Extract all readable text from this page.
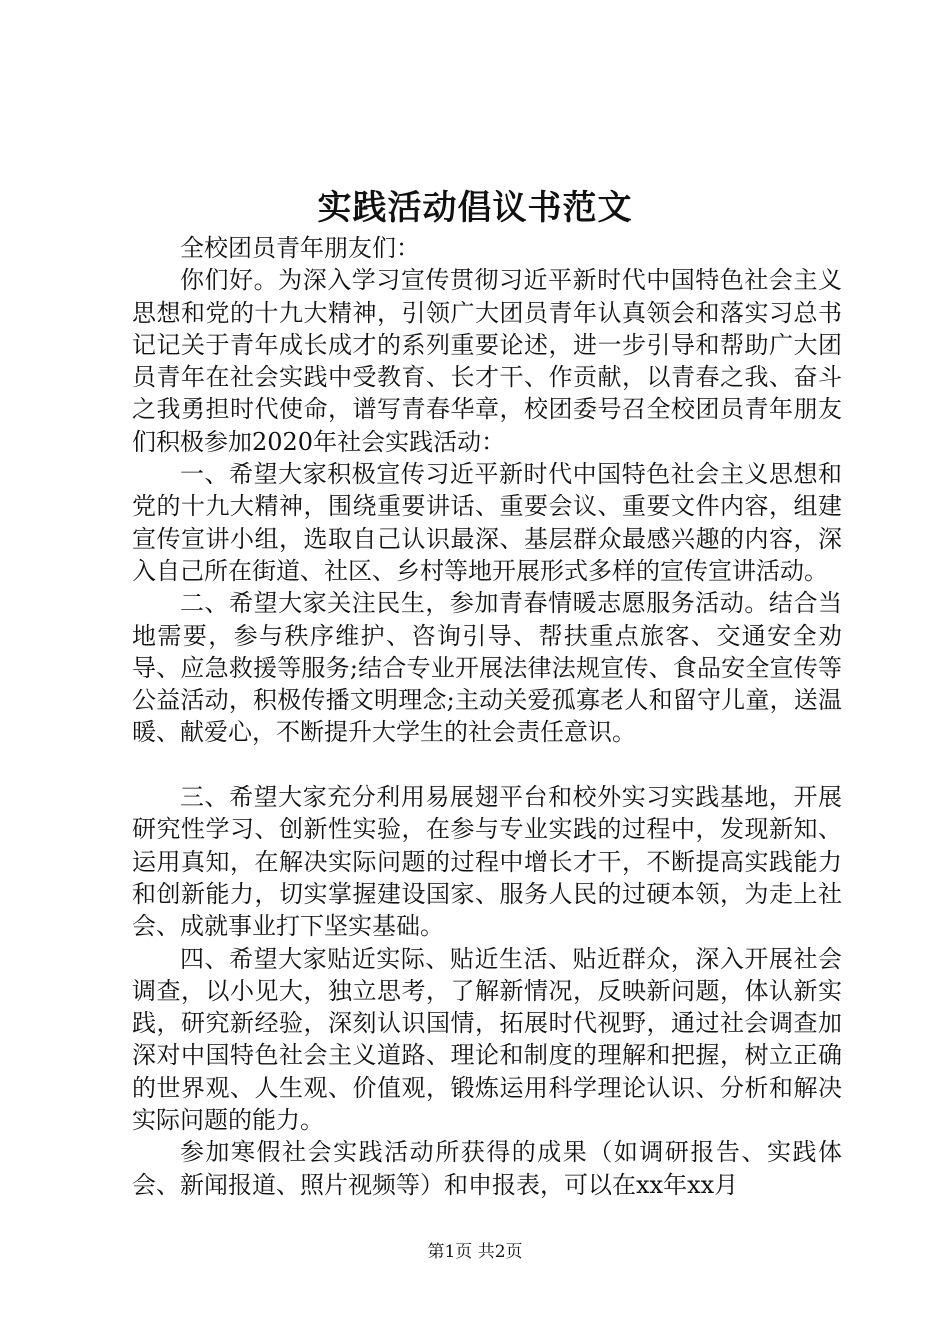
实践活动倡议书范文

全校团员青年朋友们：

你们好。为深入学习宣传贯彻习近平新时代中国特色社会主义思想和党的十九大精神，引领广大团员青年认真领会和落实习总书记记关于青年成长成才的系列重要论述，进一步引导和帮助广大团员青年在社会实践中受教育、长才干、作贡献，以青春之我、奋斗之我勇担时代使命，谱写青春华章，校团委号召全校团员青年朋友们积极参加2020年社会实践活动：

一、希望大家积极宣传习近平新时代中国特色社会主义思想和党的十九大精神，围绕重要讲话、重要会议、重要文件内容，组建宣传宣讲小组，选取自己认识最深、基层群众最感兴趣的内容，深入自己所在街道、社区、乡村等地开展形式多样的宣传宣讲活动。

二、希望大家关注民生，参加青春情暖志愿服务活动。结合当地需要，参与秩序维护、咨询引导、帮扶重点旅客、交通安全劝导、应急救援等服务;结合专业开展法律法规宣传、食品安全宣传等公益活动，积极传播文明理念;主动关爱孤寡老人和留守儿童，送温暖、献爱心，不断提升大学生的社会责任意识。

三、希望大家充分利用易展翅平台和校外实习实践基地，开展研究性学习、创新性实验，在参与专业实践的过程中，发现新知、运用真知，在解决实际问题的过程中增长才干，不断提高实践能力和创新能力，切实掌握建设国家、服务人民的过硬本领，为走上社会、成就事业打下坚实基础。

四、希望大家贴近实际、贴近生活、贴近群众，深入开展社会调查，以小见大，独立思考，了解新情况，反映新问题，体认新实践，研究新经验，深刻认识国情，拓展时代视野，通过社会调查加深对中国特色社会主义道路、理论和制度的理解和把握，树立正确的世界观、人生观、价值观，锻炼运用科学理论认识、分析和解决实际问题的能力。

参加寒假社会实践活动所获得的成果（如调研报告、实践体会、新闻报道、照片视频等）和申报表，可以在xx年xx月

第1页 共2页
